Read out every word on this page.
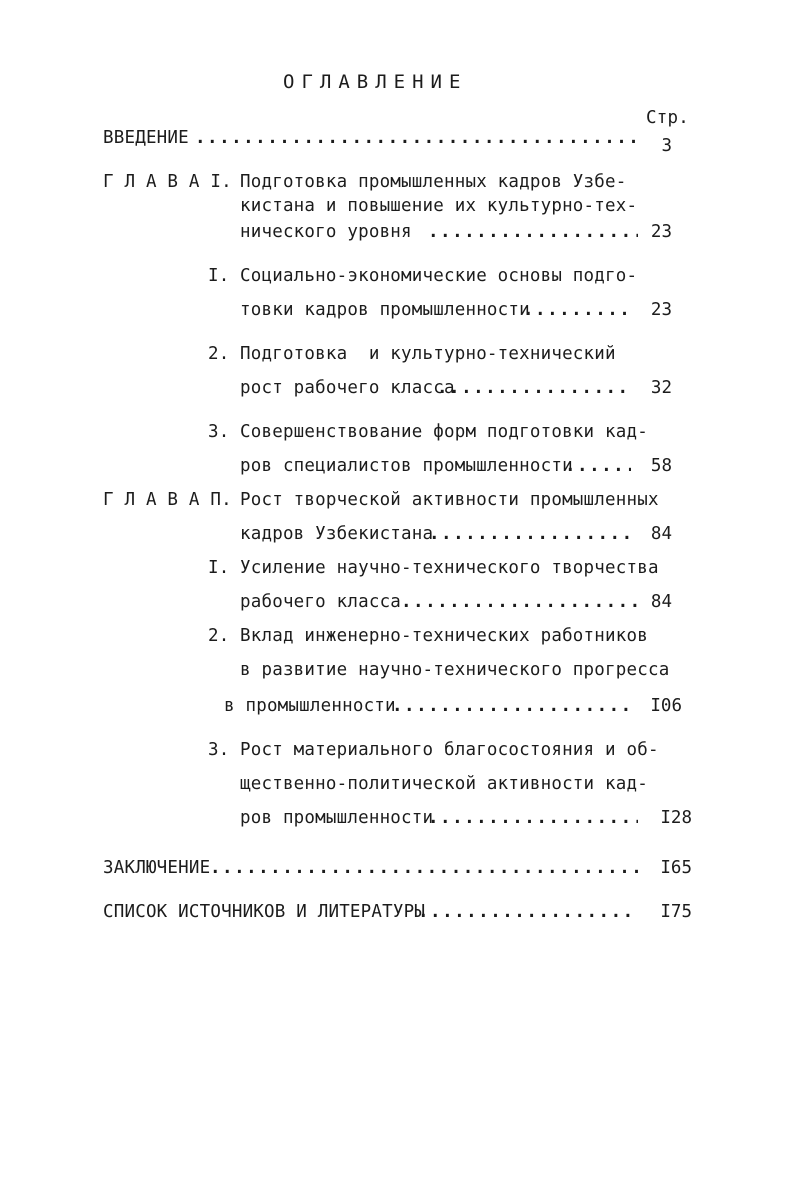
ОГЛАВЛЕНИЕ
Стр.
ВВЕДЕНИЕ .....	3
Г Л А В А I. Подготовка промышленных кадров Узбе-
кистана и повышение их культурно-тех-
нического уровня .....	23
I. Социально-экономические основы подго-
товки кадров промышленности .....	23
2. Подготовка  и культурно-технический
рост рабочего класса .....	32
3. Совершенствование форм подготовки кад-
ров специалистов промышленности .....	58
Г Л А В А П. Рост творческой активности промышленных
кадров Узбекистана .....	84
I. Усиление научно-технического творчества
рабочего класса .....	84
2. Вклад инженерно-технических работников
в развитие научно-технического прогресса
в промышленности .....	I06
3. Рост материального благосостояния и об-
щественно-политической активности кад-
ров промышленности .....	I28
ЗАКЛЮЧЕНИЕ .....	I65
СПИСОК ИСТОЧНИКОВ И ЛИТЕРАТУРЫ .....	I75
